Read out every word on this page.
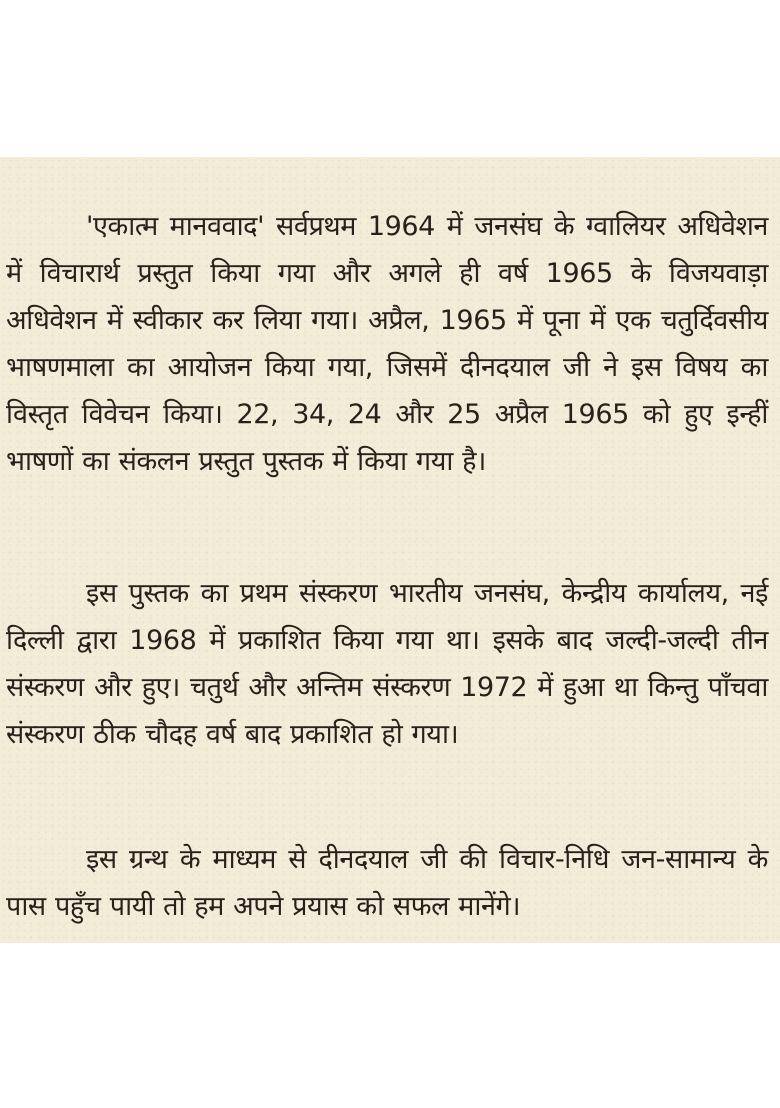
'एकात्म मानववाद' सर्वप्रथम 1964 में जनसंघ के ग्वालियर अधिवेशन में विचारार्थ प्रस्तुत किया गया और अगले ही वर्ष 1965 के विजयवाड़ा अधिवेशन में स्वीकार कर लिया गया। अप्रैल, 1965 में पूना में एक चतुर्दिवसीय भाषणमाला का आयोजन किया गया, जिसमें दीनदयाल जी ने इस विषय का विस्तृत विवेचन किया। 22, 34, 24 और 25 अप्रैल 1965 को हुए इन्हीं भाषणों का संकलन प्रस्तुत पुस्तक में किया गया है।

इस पुस्तक का प्रथम संस्करण भारतीय जनसंघ, केन्द्रीय कार्यालय, नई दिल्ली द्वारा 1968 में प्रकाशित किया गया था। इसके बाद जल्दी-जल्दी तीन संस्करण और हुए। चतुर्थ और अन्तिम संस्करण 1972 में हुआ था किन्तु पाँचवा संस्करण ठीक चौदह वर्ष बाद प्रकाशित हो गया।

इस ग्रन्थ के माध्यम से दीनदयाल जी की विचार-निधि जन-सामान्य के पास पहुँच पायी तो हम अपने प्रयास को सफल मानेंगे।
